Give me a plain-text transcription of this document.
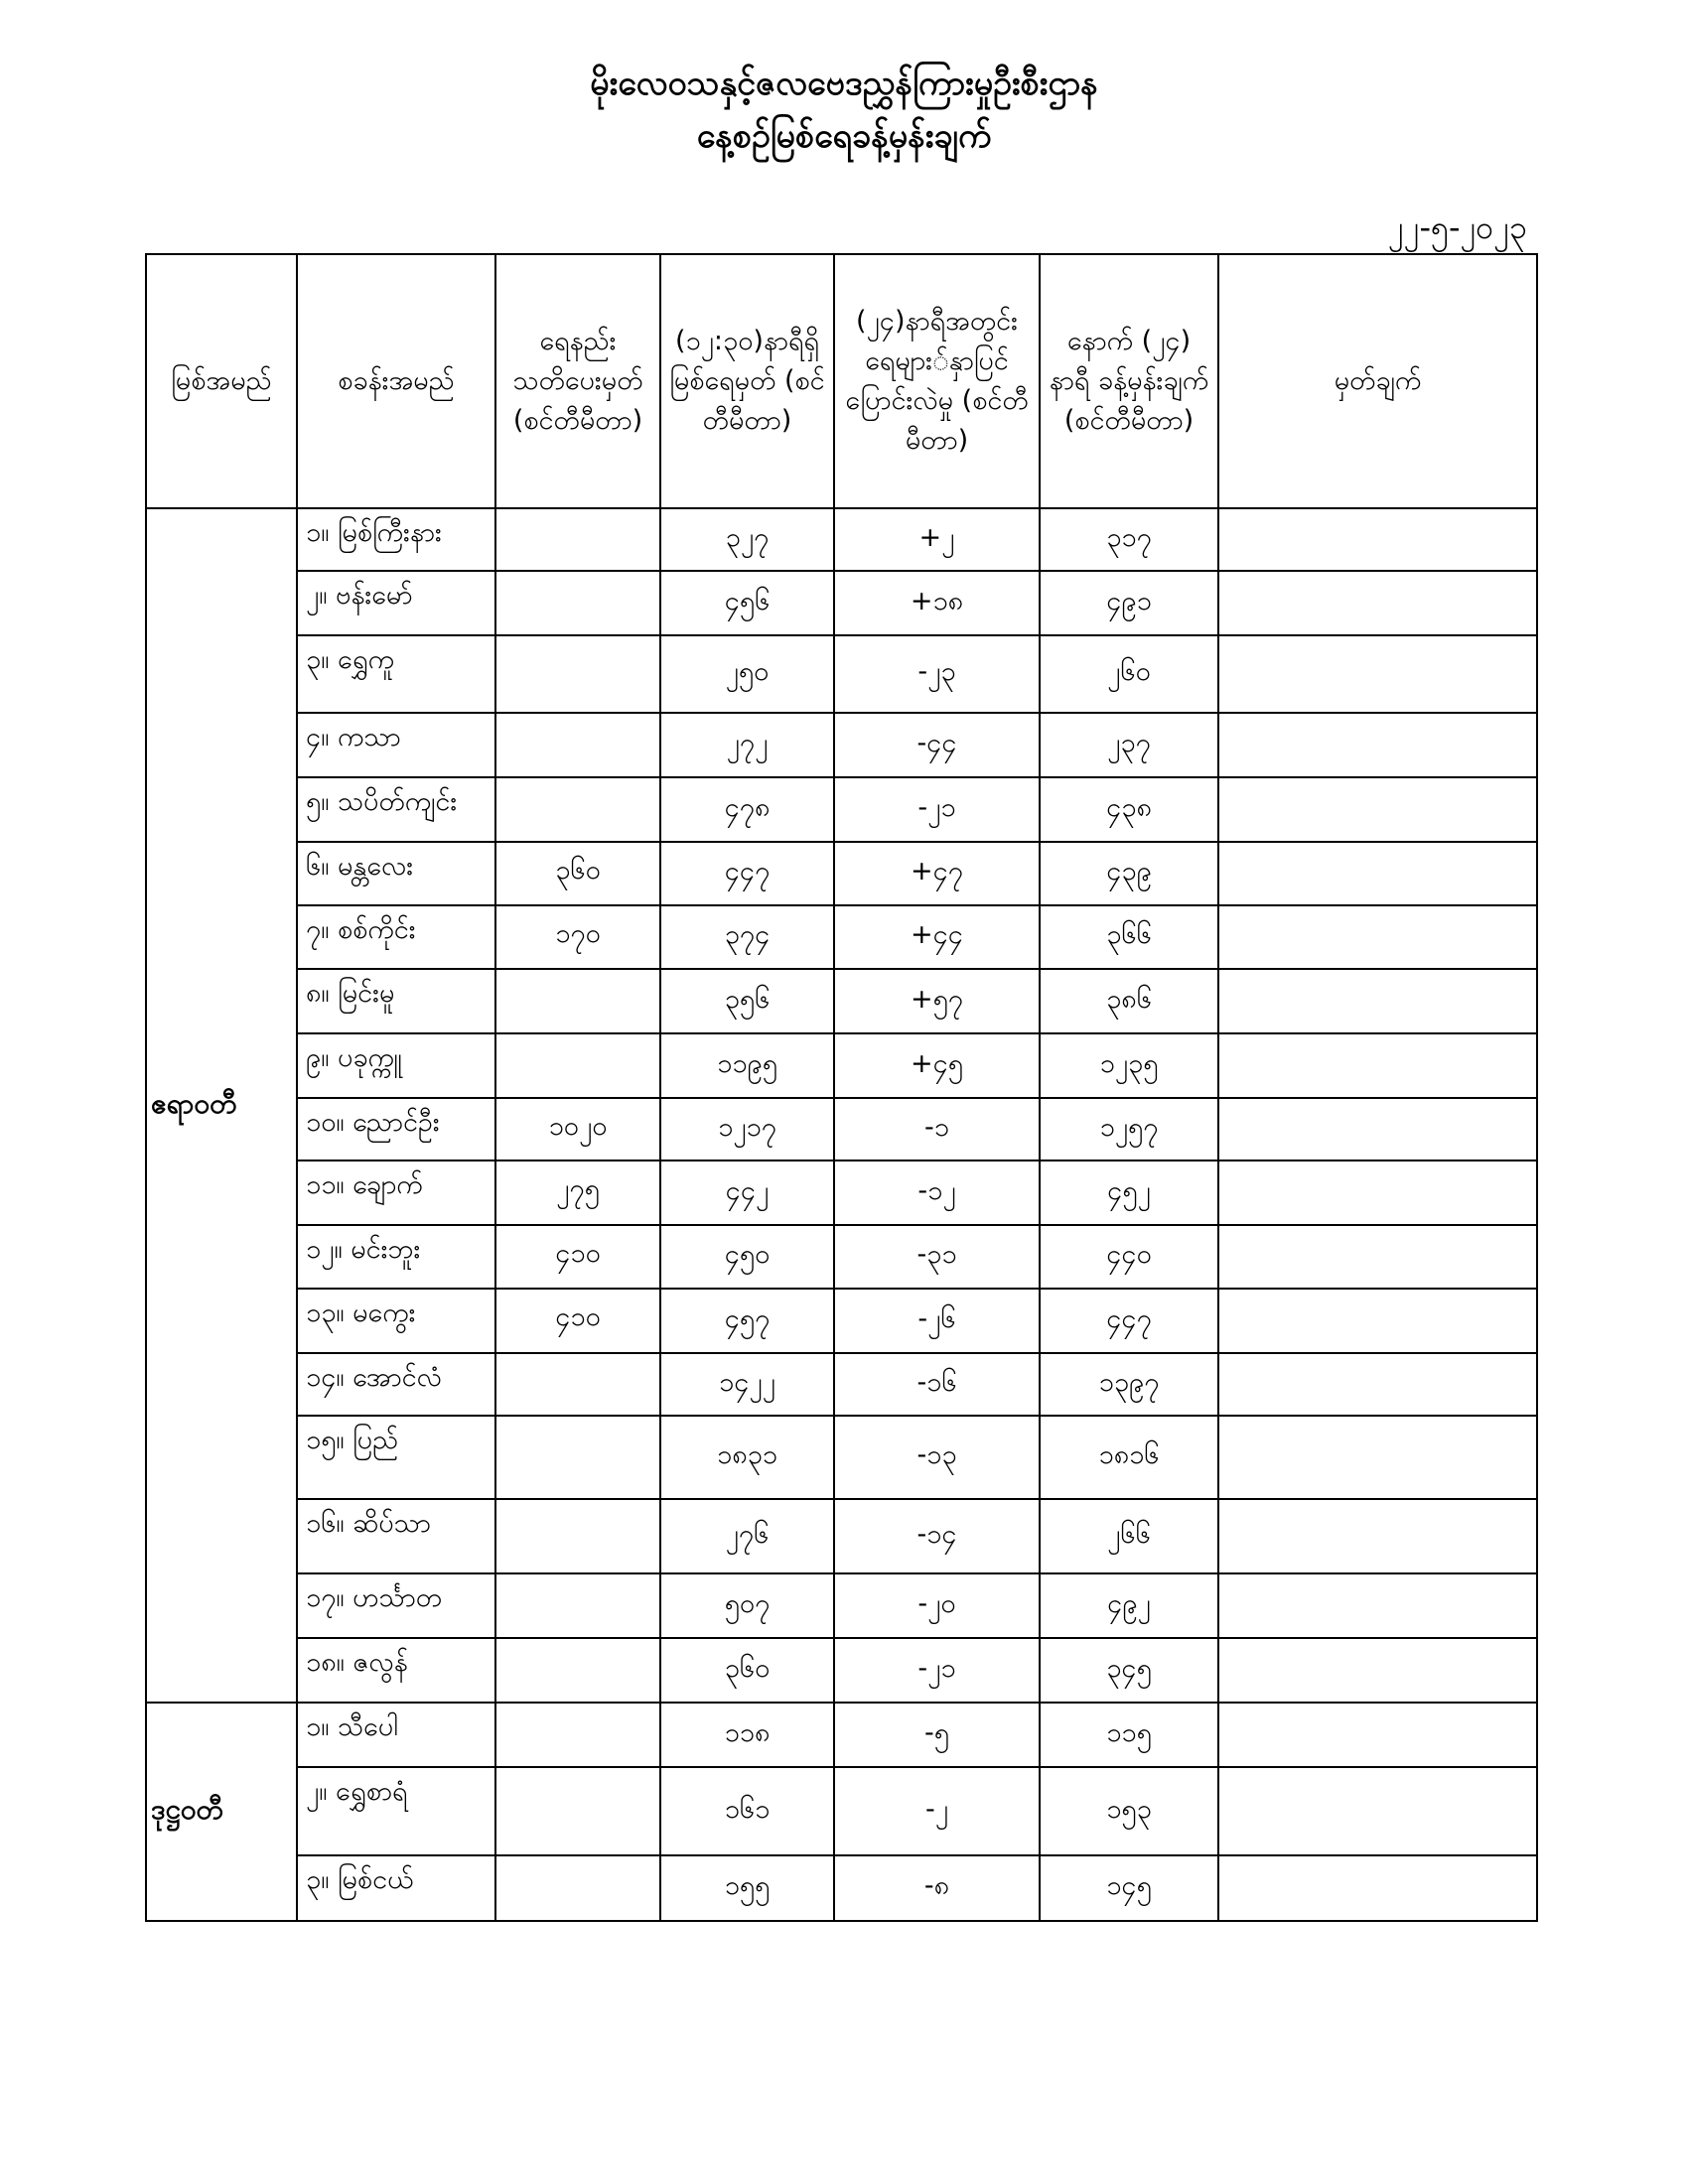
မိုးလေဝသနှင့်ဇလဗေဒညွှန်ကြားမှုဦးစီးဌာန
နေ့စဉ်မြစ်ရေခန့်မှန်းချက်
၂၂-၅-၂၀၂၃
မြစ်အမည်	စခန်းအမည်	ရေနည်း သတိပေးမှတ် (စင်တီမီတာ)	(၁၂:၃၀)နာရီရှိ မြစ်ရေမှတ် (စင်တီမီတာ)	(၂၄)နာရီအတွင်း ရေများ်နှာပြင် ပြောင်းလဲမှု (စင်တီမီတာ)	နောက် (၂၄) နာရီ ခန့်မှန်းချက် (စင်တီမီတာ)	မှတ်ချက်
ဧရာဝတီ	၁။ မြစ်ကြီးနား		၃၂၇	+၂	၃၁၇	
	၂။ ဗန်းမော်		၄၅၆	+၁၈	၄၉၁	
	၃။ ရွှေကူ		၂၅၀	-၂၃	၂၆၀	
	၄။ ကသာ		၂၇၂	-၄၄	၂၃၇	
	၅။ သပိတ်ကျင်း		၄၇၈	-၂၁	၄၃၈	
	၆။ မန္တလေး	၃၆၀	၄၄၇	+၄၇	၄၃၉	
	၇။ စစ်ကိုင်း	၁၇၀	၃၇၄	+၄၄	၃၆၆	
	၈။ မြင်းမူ		၃၅၆	+၅၇	၃၈၆	
	၉။ ပခုက္ကူ		၁၁၉၅	+၄၅	၁၂၃၅	
	၁၀။ ညောင်ဦး	၁၀၂၀	၁၂၁၇	-၁	၁၂၅၇	
	၁၁။ ချောက်	၂၇၅	၄၄၂	-၁၂	၄၅၂	
	၁၂။ မင်းဘူး	၄၁၀	၄၅၀	-၃၁	၄၄၀	
	၁၃။ မကွေး	၄၁၀	၄၅၇	-၂၆	၄၄၇	
	၁၄။ အောင်လံ		၁၄၂၂	-၁၆	၁၃၉၇	
	၁၅။ ပြည်		၁၈၃၁	-၁၃	၁၈၁၆	
	၁၆။ ဆိပ်သာ		၂၇၆	-၁၄	၂၆၆	
	၁၇။ ဟင်္သာတ		၅၀၇	-၂၀	၄၉၂	
	၁၈။ ဇလွန်		၃၆၀	-၂၁	၃၄၅	
ဒုဋ္ဌဝတီ	၁။ သီပေါ		၁၁၈	-၅	၁၁၅	
	၂။ ရွှေစာရံ		၁၆၁	-၂	၁၅၃	
	၃။ မြစ်ငယ်		၁၅၅	-၈	၁၄၅	
